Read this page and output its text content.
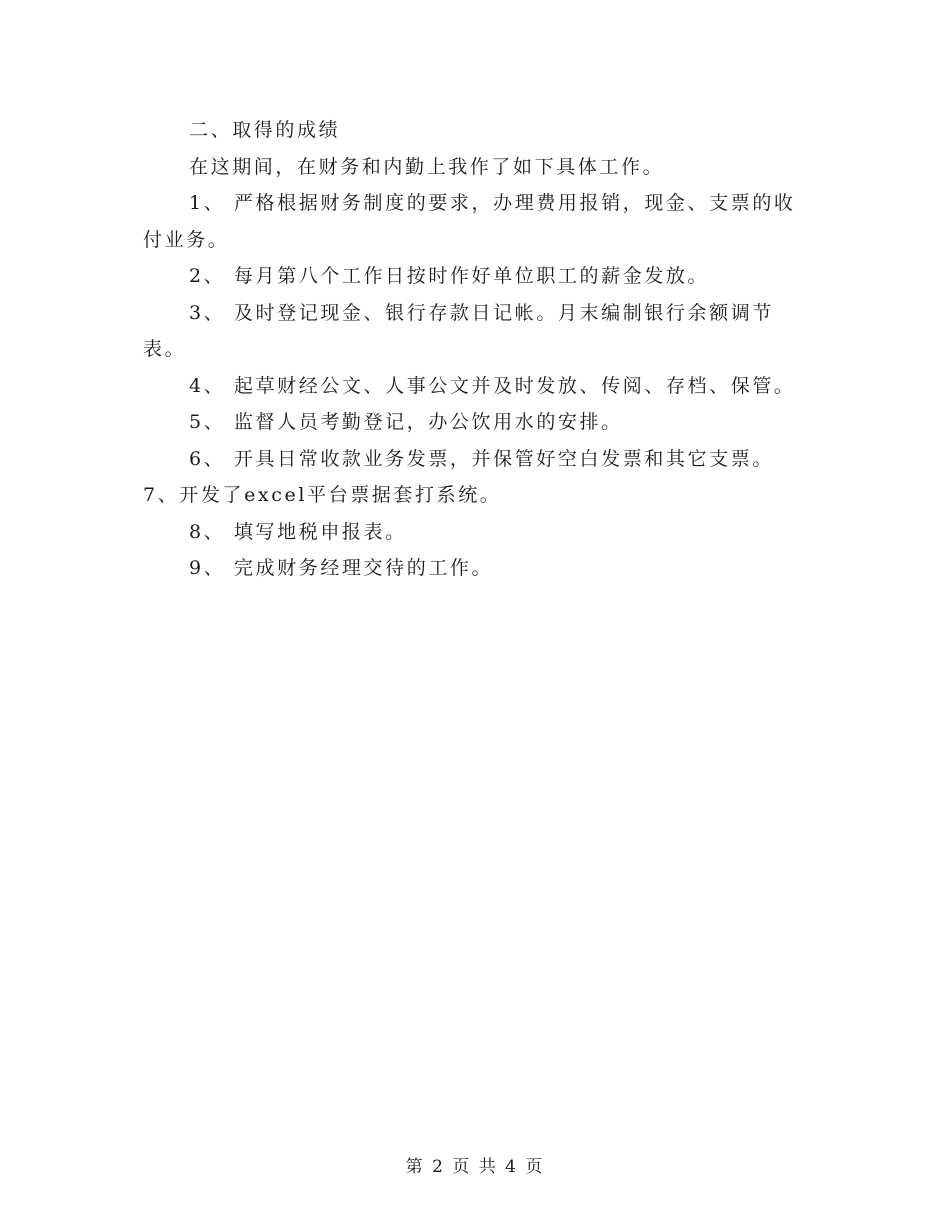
二、取得的成绩

在这期间，在财务和内勤上我作了如下具体工作。

1、 严格根据财务制度的要求，办理费用报销，现金、支票的收付业务。

2、 每月第八个工作日按时作好单位职工的薪金发放。

3、 及时登记现金、银行存款日记帐。月末编制银行余额调节表。

4、 起草财经公文、人事公文并及时发放、传阅、存档、保管。

5、 监督人员考勤登记，办公饮用水的安排。

6、 开具日常收款业务发票，并保管好空白发票和其它支票。7、开发了excel平台票据套打系统。

8、 填写地税申报表。

9、 完成财务经理交待的工作。

第 2 页 共 4 页
